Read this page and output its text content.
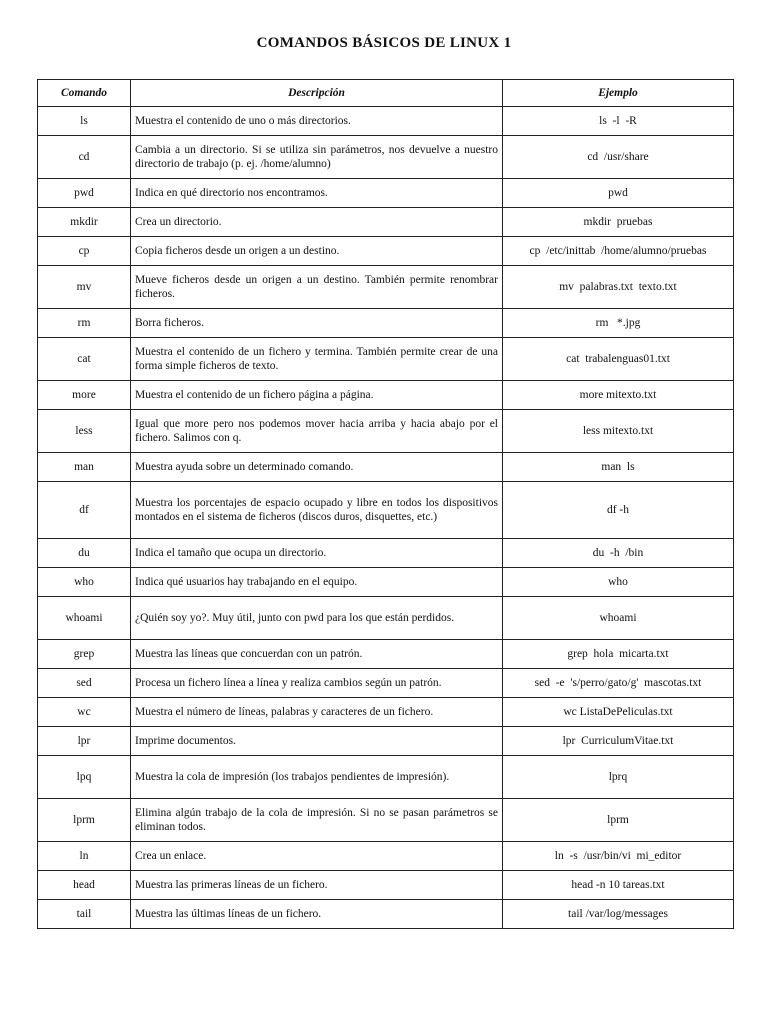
COMANDOS BÁSICOS DE LINUX 1
Comando	Descripción	Ejemplo
ls	Muestra el contenido de uno o más directorios.	ls  -l  -R
cd	Cambia a un directorio. Si se utiliza sin parámetros, nos devuelve a nuestro directorio de trabajo (p. ej. /home/alumno)	cd  /usr/share
pwd	Indica en qué directorio nos encontramos.	pwd
mkdir	Crea un directorio.	mkdir  pruebas
cp	Copia ficheros desde un origen a un destino.	cp  /etc/inittab  /home/alumno/pruebas
mv	Mueve ficheros desde un origen a un destino. También permite renombrar ficheros.	mv  palabras.txt  texto.txt
rm	Borra ficheros.	rm   *.jpg
cat	Muestra el contenido de un fichero y termina. También permite crear de una forma simple ficheros de texto.	cat  trabalenguas01.txt
more	Muestra el contenido de un fichero página a página.	more mitexto.txt
less	Igual que more pero nos podemos mover hacia arriba y hacia abajo por el fichero. Salimos con q.	less mitexto.txt
man	Muestra ayuda sobre un determinado comando.	man  ls
df	Muestra los porcentajes de espacio ocupado y libre en todos los dispositivos montados en el sistema de ficheros (discos duros, disquettes, etc.)	df -h
du	Indica el tamaño que ocupa un directorio.	du  -h  /bin
who	Indica qué usuarios hay trabajando en el equipo.	who
whoami	¿Quién soy yo?. Muy útil, junto con pwd para los que están perdidos.	whoami
grep	Muestra las líneas que concuerdan con un patrón.	grep  hola  micarta.txt
sed	Procesa un fichero línea a línea y realiza cambios según un patrón.	sed  -e  's/perro/gato/g'  mascotas.txt
wc	Muestra el número de líneas, palabras y caracteres de un fichero.	wc ListaDePeliculas.txt
lpr	Imprime documentos.	lpr  CurriculumVitae.txt
lpq	Muestra la cola de impresión (los trabajos pendientes de impresión).	lprq
lprm	Elimina algún trabajo de la cola de impresión. Si no se pasan parámetros se eliminan todos.	lprm
ln	Crea un enlace.	ln  -s  /usr/bin/vi  mi_editor
head	Muestra las primeras líneas de un fichero.	head -n 10 tareas.txt
tail	Muestra las últimas líneas de un fichero.	tail /var/log/messages
